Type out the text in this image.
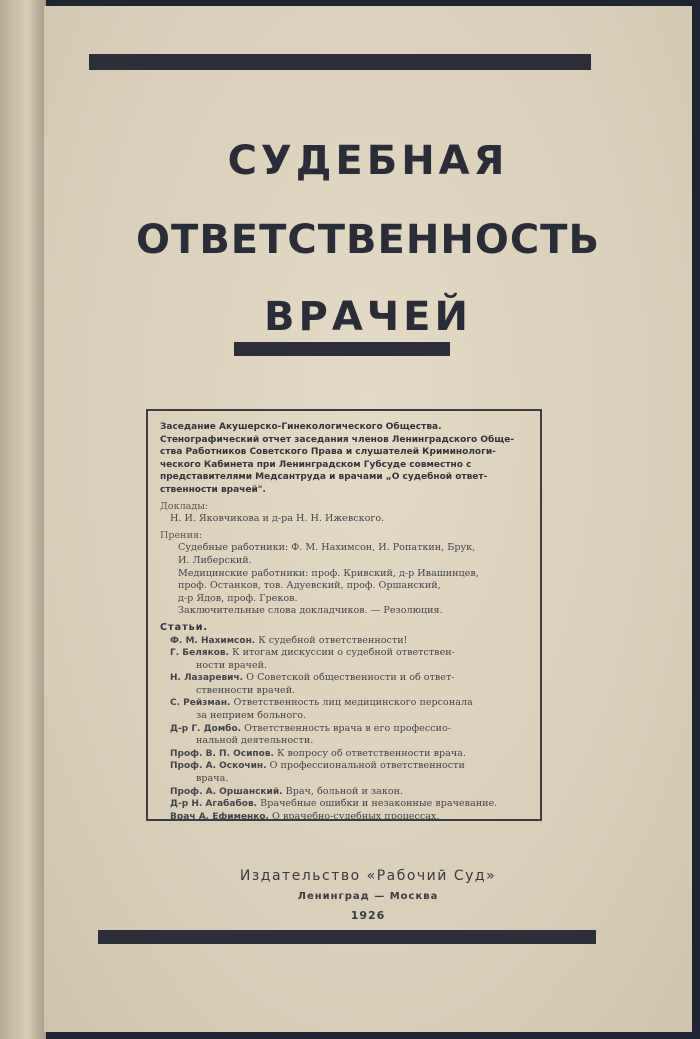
СУДЕБНАЯ
ОТВЕТСТВЕННОСТЬ
ВРАЧЕЙ
Заседание Акушерско-Гинекологического Общества.
Стенографический отчет заседания членов Ленинградского Обще-
ства Работников Советского Права и слушателей Криминологи-
ческого Кабинета при Ленинградском Губсуде совместно с
представителями Медсантруда и врачами „О судебной ответ-
ственности врачей".
Доклады:
Н. И. Яковчикова и д-ра Н. Н. Ижевского.
Прения:
Судебные работники: Ф. М. Нахимсон, И. Ропаткин, Брук,
И. Либерский.
Медицинские работники: проф. Кривский, д-р Ивашинцев,
проф. Останков, тов. Адуевский, проф. Оршанский,
д-р Ядов, проф. Греков.
Заключительные слова докладчиков. — Резолюция.
Статьи.
Ф. М. Нахимсон. К судебной ответственности!
Г. Беляков. К итогам дискуссии о судебной ответствен-
ности врачей.
Н. Лазаревич. О Советской общественности и об ответ-
ственности врачей.
С. Рейзман. Ответственность лиц медицинского персонала
за неприем больного.
Д-р Г. Домбо. Ответственность врача в его профессио-
нальной деятельности.
Проф. В. П. Осипов. К вопросу об ответственности врача.
Проф. А. Оскочин. О профессиональной ответственности
врача.
Проф. А. Оршанский. Врач, больной и закон.
Д-р Н. Агабабов. Врачебные ошибки и незаконные врачевание.
Врач А. Ефименко. О врачебно-судебных процессах.
Издательство «Рабочий Суд»
Ленинград — Москва
1926
